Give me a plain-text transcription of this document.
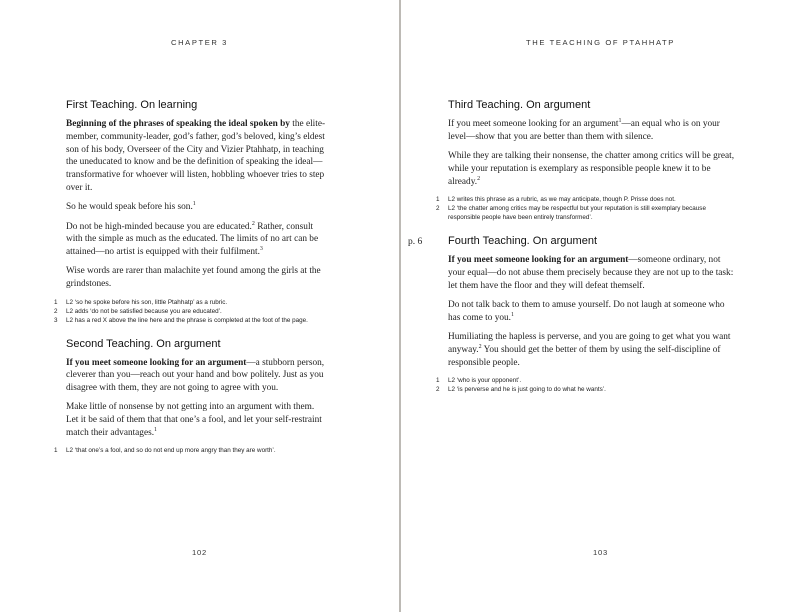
CHAPTER 3
First Teaching. On learning

Beginning of the phrases of speaking the ideal spoken by the elite-member, community-leader, god’s father, god’s beloved, king’s eldest son of his body, Overseer of the City and Vizier Ptahhatp, in teaching the uneducated to know and be the definition of speaking the ideal—transformative for whoever will listen, hobbling whoever tries to step over it.

So he would speak before his son.$^1$

Do not be high-minded because you are educated.$^2$ Rather, consult with the simple as much as the educated. The limits of no art can be attained—no artist is equipped with their fulfilment.$^3$

Wise words are rarer than malachite yet found among the girls at the grindstones.

1 L2 ‘so he spoke before his son, little Ptahhatp’ as a rubric.
2 L2 adds ‘do not be satisfied because you are educated’.
3 L2 has a red X above the line here and the phrase is completed at the foot of the page.
Second Teaching. On argument

If you meet someone looking for an argument—a stubborn person, cleverer than you—reach out your hand and bow politely. Just as you disagree with them, they are not going to agree with you.

Make little of nonsense by not getting into an argument with them. Let it be said of them that that one’s a fool, and let your self-restraint match their advantages.$^1$

1 L2 ‘that one’s a fool, and so do not end up more angry than they are worth’.
102
THE TEACHING OF PTAHHATP
Third Teaching. On argument

If you meet someone looking for an argument$^1$—an equal who is on your level—show that you are better than them with silence.

While they are talking their nonsense, the chatter among critics will be great, while your reputation is exemplary as responsible people knew it to be already.$^2$

1 L2 writes this phrase as a rubric, as we may anticipate, though P. Prisse does not.
2 L2 ‘the chatter among critics may be respectful but your reputation is still exemplary because responsible people have been entirely transformed’.
p. 6 Fourth Teaching. On argument

If you meet someone looking for an argument—someone ordinary, not your equal—do not abuse them precisely because they are not up to the task: let them have the floor and they will defeat themself.

Do not talk back to them to amuse yourself. Do not laugh at someone who has come to you.$^1$

Humiliating the hapless is perverse, and you are going to get what you want anyway.$^2$ You should get the better of them by using the self-discipline of responsible people.

1 L2 ‘who is your opponent’.
2 L2 ‘is perverse and he is just going to do what he wants’.
103
